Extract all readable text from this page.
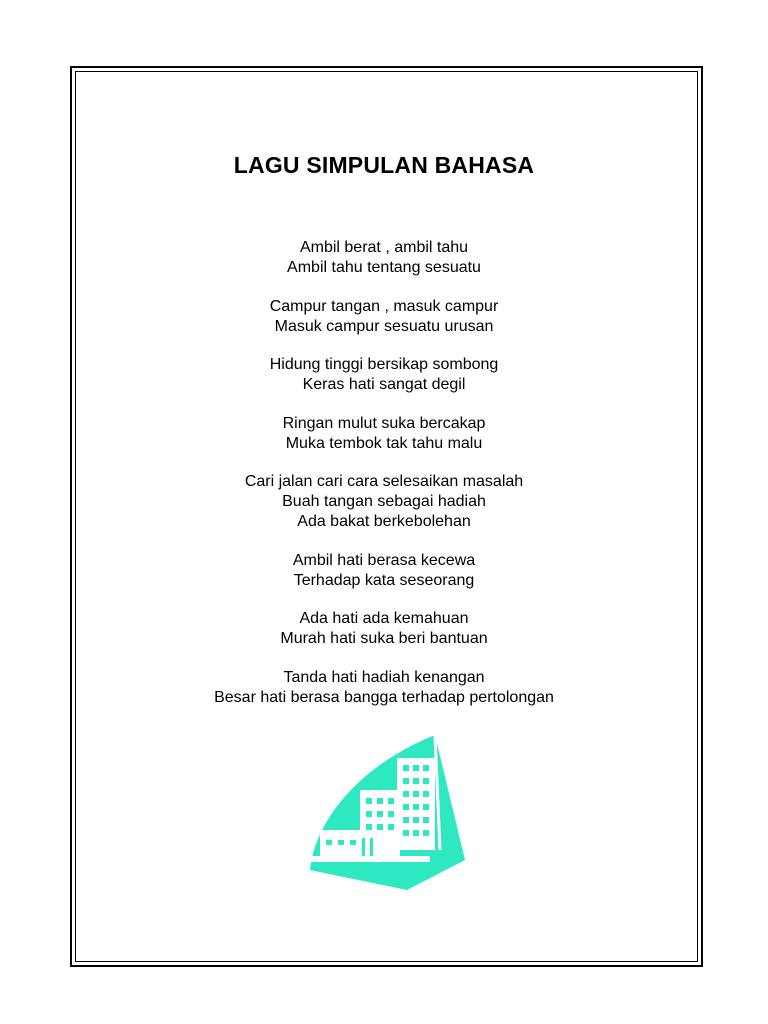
LAGU SIMPULAN BAHASA
Ambil berat , ambil tahu
Ambil tahu tentang sesuatu
Campur tangan , masuk campur
Masuk campur sesuatu urusan
Hidung tinggi bersikap sombong
Keras hati sangat degil
Ringan mulut suka bercakap
Muka tembok tak tahu malu
Cari jalan cari cara selesaikan masalah
Buah tangan sebagai hadiah
Ada bakat berkebolehan
Ambil hati berasa kecewa
Terhadap kata seseorang
Ada hati ada kemahuan
Murah hati suka beri bantuan
Tanda hati hadiah kenangan
Besar hati berasa bangga terhadap pertolongan
